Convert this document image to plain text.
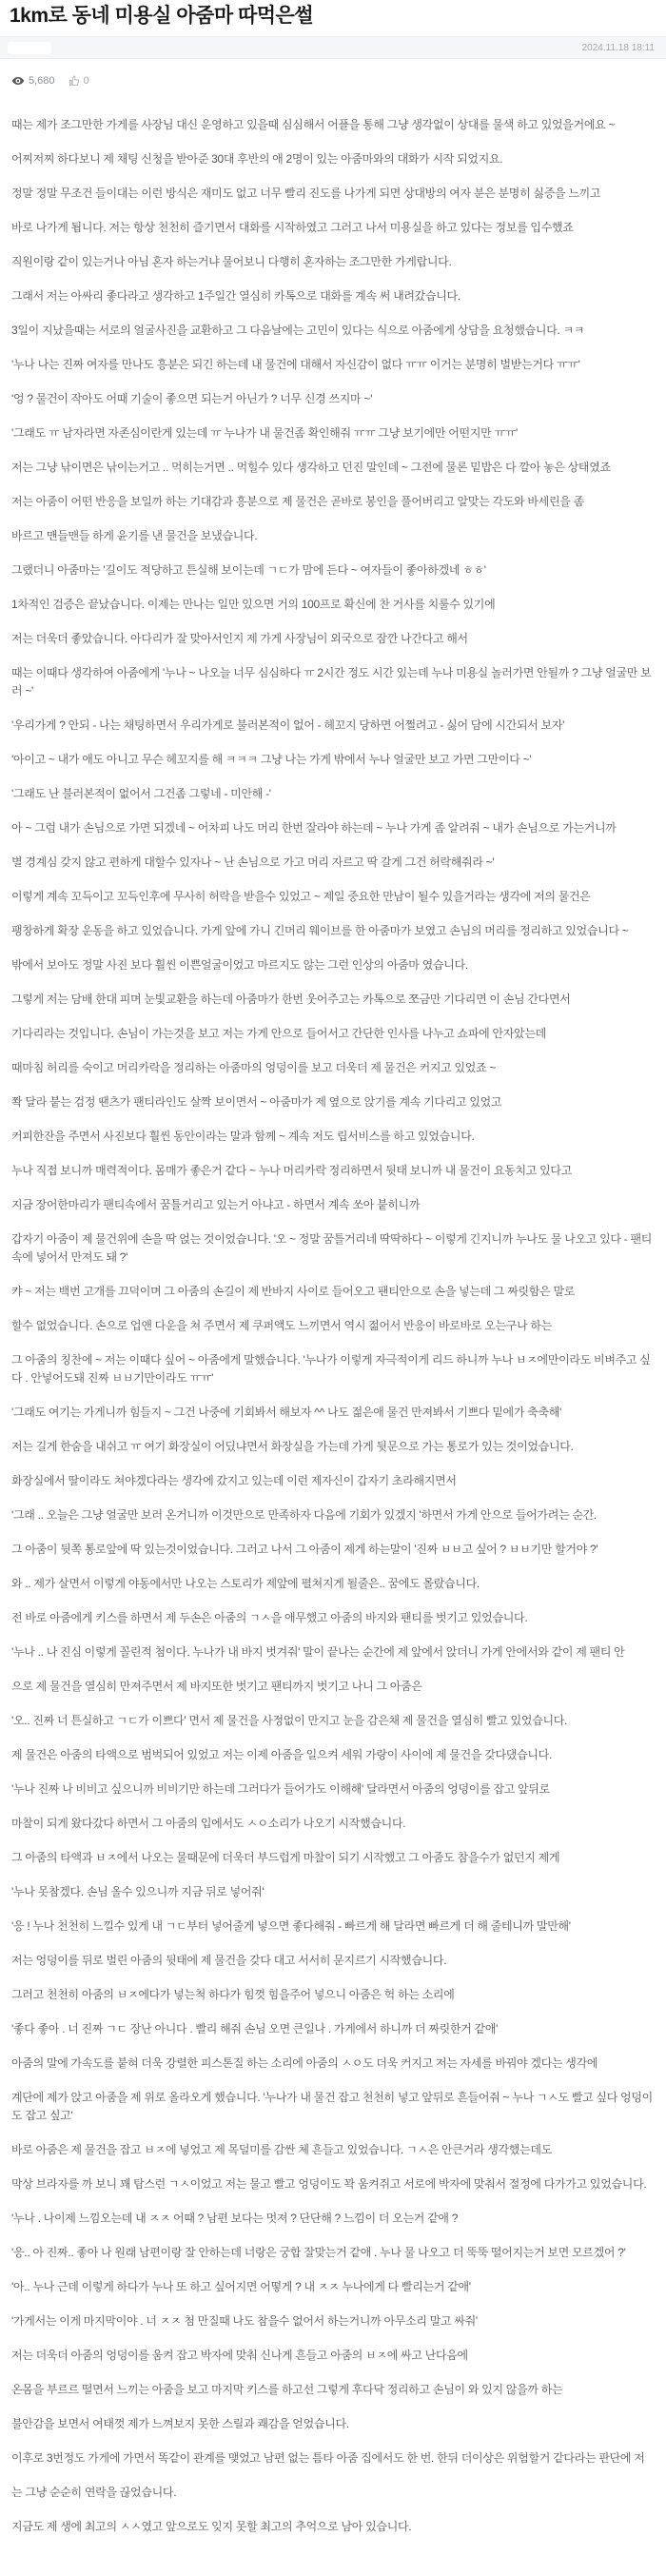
1km로 동네 미용실 아줌마 따먹은썰
2024.11.18 18:11
5,680	0

때는 제가 조그만한 가게를 사장님 대신 운영하고 있을때 심심해서 어플을 통해 그냥 생각없이 상대를 물색 하고 있었을거에요 ~

어찌저찌 하다보니 제 채팅 신청을 받아준 30대 후반의 애 2명이 있는 아줌마와의 대화가 시작 되었지요.

정말 정말 무조건 들이대는 이런 방식은 재미도 없고 너무 빨리 진도를 나가게 되면 상대방의 여자 분은 분명히 싫증을 느끼고

바로 나가게 됩니다. 저는 항상 천천히 즐기면서 대화를 시작하였고 그러고 나서 미용실을 하고 있다는 정보를 입수했죠

직원이랑 같이 있는거나 아님 혼자 하는거냐 물어보니 다행히 혼자하는 조그만한 가게랍니다.

그래서 저는 아싸리 좋다라고 생각하고 1주일간 열심히 카톡으로 대화를 계속 써 내려갔습니다.

3일이 지났을때는 서로의 얼굴사진을 교환하고 그 다음날에는 고민이 있다는 식으로 아줌에게 상담을 요청했습니다. ㅋㅋ

'누나 나는 진짜 여자를 만나도 흥분은 되긴 하는데 내 물건에 대해서 자신감이 없다 ㅠㅠ 이거는 분명히 벌받는거다 ㅠㅠ'

'엉 ? 물건이 작아도 어때 기술이 좋으면 되는거 아닌가 ? 너무 신경 쓰지마 ~'

'그래도 ㅠ 남자라면 자존심이란게 있는데 ㅠ 누나가 내 물건좀 확인해줘 ㅠㅠ 그냥 보기에만 어떤지만 ㅠㅠ'

저는 그냥 낚이면은 낚이는거고 .. 먹히는거면 .. 먹힐수 있다 생각하고 던진 말인데 ~ 그전에 물론 밑밥은 다 깔아 놓은 상태였죠

저는 아줌이 어떤 반응을 보일까 하는 기대감과 흥분으로 제 물건은 곧바로 봉인을 풀어버리고 알맞는 각도와 바세린을 좀

바르고 맨들맨들 하게 윤기를 낸 물건을 보냈습니다.

그랬더니 아줌마는 '길이도 적당하고 튼실해 보이는데 ㄱㄷ가 맘에 든다 ~ 여자들이 좋아하겠네 ㅎㅎ'

1차적인 검증은 끝났습니다. 이제는 만나는 일만 있으면 거의 100프로 확신에 찬 거사를 치룰수 있기에

저는 더욱더 좋았습니다. 아다리가 잘 맞아서인지 제 가게 사장님이 외국으로 잠깐 나간다고 해서

때는 이때다 생각하여 아줌에게 '누나 ~ 나오늘 너무 심심하다 ㅠ 2시간 정도 시간 있는데 누나 미용실 놀러가면 안될까 ? 그냥 얼굴만 보러 ~'

'우리가게 ? 안되 - 나는 채팅하면서 우리가게로 불러본적이 없어 - 헤꼬지 당하면 어쩔려고 - 싫어 담에 시간되서 보자'

'아이고 ~ 내가 애도 아니고 무슨 헤꼬지를 해 ㅋㅋㅋ 그냥 나는 가게 밖에서 누나 얼굴만 보고 가면 그만이다 ~'

'그래도 난 불러본적이 없어서 그건좀 그렇네 - 미안해 -'

아 ~ 그럼 내가 손님으로 가면 되겠네 ~ 어차피 나도 머리 한번 잘라야 하는데 ~ 누나 가게 좀 알려줘 ~ 내가 손님으로 가는거니까

별 경계심 갖지 않고 편하게 대할수 있자나 ~ 난 손님으로 가고 머리 자르고 딱 갈게 그건 허락해줘라 ~'

이렇게 계속 꼬득이고 꼬득인후에 무사히 허락을 받을수 있었고 ~ 제일 중요한 만남이 될수 있을거라는 생각에 저의 물건은

팽창하게 확장 운동을 하고 있었습니다. 가게 앞에 가니 긴머리 웨이브를 한 아줌마가 보였고 손님의 머리를 정리하고 있었습니다 ~

밖에서 보아도 정말 사진 보다 훨씬 이쁜얼굴이었고 마르지도 않는 그런 인상의 아줌마 였습니다.

그렇게 저는 담배 한대 피며 눈빛교환을 하는데 아줌마가 한번 웃어주고는 카톡으로 쪼금만 기다리면 이 손님 간다면서

기다리라는 것입니다. 손님이 가는것을 보고 저는 가게 안으로 들어서고 간단한 인사를 나누고 쇼파에 안자았는데

때마침 허리를 숙이고 머리카락을 정리하는 아줌마의 엉덩이를 보고 더욱더 제 물건은 커지고 있었죠 ~

쫙 달라 붙는 검정 땐츠가 팬티라인도 살짝 보이면서 ~ 아줌마가 제 옆으로 앉기를 계속 기다리고 있었고

커피한잔을 주면서 사진보다 훨씬 동안이라는 말과 함께 ~ 계속 저도 립서비스를 하고 있었습니다.

누나 직접 보니까 매력적이다. 몸매가 좋은거 같다 ~ 누나 머리카락 정리하면서 뒷태 보니까 내 물건이 요동치고 있다고

지금 장어한마리가 팬티속에서 꿈틀거리고 있는거 아냐고 - 하면서 계속 쏘아 붙히니까

갑자기 아줌이 제 물건위에 손을 딱 얹는 것이었습니다. '오 ~ 정말 꿈틀거리네 딱딱하다 ~ 이렇게 긴지니까 누나도 물 나오고 있다 - 팬티속에 넣어서 만져도 돼 ?'

캬 ~ 저는 백번 고개를 끄덕이며 그 아줌의 손길이 제 반바지 사이로 들어오고 팬티안으로 손을 넣는데 그 짜릿함은 말로

할수 없었습니다. 손으로 업앤 다운을 쳐 주면서 제 쿠퍼액도 느끼면서 역시 젊어서 반응이 바로바로 오는구나 하는

그 아줌의 칭찬에 ~ 저는 이때다 싶어 ~ 아줌에게 말했습니다. '누나가 이렇게 자극적이게 리드 하니까 누나 ㅂㅈ에만이라도 비벼주고 싶다 . 안넣어도돼 진짜 ㅂㅂ기만이라도 ㅠㅠ'

'그래도 여기는 가게니까 힘들지 ~ 그건 나중에 기회봐서 해보자 ^^ 나도 젊은애 물건 만져봐서 기쁘다 밑에가 축축해'

저는 길게 한숨을 내쉬고 ㅠ 여기 화장실이 어딨냐면서 화장실을 가는데 가게 뒷문으로 가는 통로가 있는 것이었습니다.

화장실에서 딸이라도 쳐야겠다라는 생각에 갔지고 있는데 이런 제자신이 갑자기 초라해지면서

'그래 .. 오늘은 그냥 얼굴만 보러 온거니까 이것만으로 만족하자 다음에 기회가 있겠지 '하면서 가게 안으로 들어가려는 순간.

그 아줌이 뒷쪽 통로앞에 딱 있는것이었습니다. 그러고 나서 그 아줌이 제게 하는말이 '진짜 ㅂㅂ고 싶어 ? ㅂㅂ기만 할거야 ?'

와 .. 제가 살면서 이렇게 야동에서만 나오는 스토리가 제앞에 펼쳐지게 될줄은.. 꿈에도 몰랐습니다.

전 바로 아줌에게 키스를 하면서 제 두손은 아줌의 ㄱㅅ을 애무했고 아줌의 바지와 팬티를 벗기고 있었습니다.

'누나 .. 나 진심 이렇게 꼴린적 첨이다. 누나가 내 바지 벗겨줘' 말이 끝나는 순간에 제 앞에서 앉더니 가게 안에서와 같이 제 팬티 안

으로 제 물건을 열심히 만져주면서 제 바지또한 벗기고 팬티까지 벗기고 나니 그 아줌은

'오.. 진짜 너 튼실하고 ㄱㄷ가 이쁘다' 면서 제 물건을 사정없이 만지고 눈을 감은채 제 물건을 열심히 빨고 있었습니다.

제 물건은 아줌의 타액으로 범벅되어 있었고 저는 이제 아줌을 일으켜 세워 가랑이 사이에 제 물건을 갖다댔습니다.

'누나 진짜 나 비비고 싶으니까 비비기만 하는데 그러다가 들어가도 이해해' 달라면서 아줌의 엉덩이를 잡고 앞뒤로

마찰이 되게 왔다갔다 하면서 그 아줌의 입에서도 ㅅㅇ소리가 나오기 시작했습니다.

그 아줌의 타액과 ㅂㅈ에서 나오는 물때문에 더욱더 부드럽게 마찰이 되기 시작했고 그 아줌도 참을수가 없던지 제게

'누나 못참겠다. 손님 올수 있으니까 지금 뒤로 넣어줘'

'응 ! 누나 천천히 느낄수 있게 내 ㄱㄷ부터 넣어줄게 넣으면 좋다해줘 - 빠르게 해 달라면 빠르게 더 해 줄테니까 말만해'

저는 엉덩이를 뒤로 벌린 아줌의 뒷태에 제 물건을 갖다 대고 서서히 문지르기 시작했습니다.

그러고 천천히 아줌의 ㅂㅈ에다가 넣는척 하다가 힘껏 힘을주어 넣으니 아줌은 헉 하는 소리에

'좋다 좋아 . 너 진짜 ㄱㄷ 장난 아니다 . 빨리 해줘 손님 오면 큰일나 . 가게에서 하니까 더 짜릿한거 같애'

아줌의 말에 가속도를 붙혀 더욱 강렬한 피스톤질 하는 소리에 아줌의 ㅅㅇ도 더욱 커지고 저는 자세를 바꿔야 겠다는 생각에

계단에 제가 앉고 아줌을 제 위로 올라오게 했습니다. '누나가 내 물건 잡고 천천히 넣고 앞뒤로 흔들어줘 ~ 누나 ㄱㅅ도 빨고 싶다 엉덩이도 잡고 싶고'

바로 아줌은 제 물건을 잡고 ㅂㅈ에 넣었고 제 목덜미를 감싼 체 흔들고 있었습니다. ㄱㅅ은 안큰거라 생각했는데도

막상 브라자를 까 보니 꽤 탐스런 ㄱㅅ이었고 저는 물고 빨고 엉덩이도 꽉 움켜쥐고 서로에 박자에 맞춰서 절정에 다가가고 있었습니다.

'누나 . 나이제 느낌오는데 내 ㅈㅈ 어때 ? 남편 보다는 멋져 ? 단단해 ? 느낌이 더 오는거 같애 ?

'응.. 아 진짜.. 좋아 나 원래 남편이랑 잘 안하는데 너랑은 궁합 잘맞는거 같애 . 누나 물 나오고 더 뚝뚝 떨어지는거 보면 모르겠어 ?'

'아.. 누나 근데 이렇게 하다가 누나 또 하고 싶어지면 어떻게 ? 내 ㅈㅈ 누나에게 다 빨리는거 같애'

'가게서는 이게 마지막이야 . 너 ㅈㅈ 첨 만질때 나도 참을수 없어서 하는거니까 아무소리 말고 싸줘'

저는 더욱더 아줌의 엉덩이를 움켜 잡고 박자에 맞춰 신나게 흔들고 아줌의 ㅂㅈ에 싸고 난다음에

온몸을 부르르 떨면서 느끼는 아줌을 보고 마지막 키스를 하고선 그렇게 후다닥 정리하고 손님이 와 있지 않을까 하는

불안감을 보면서 여태껏 제가 느껴보지 못한 스릴과 쾌감을 얻었습니다.

이후로 3번정도 가게에 가면서 똑같이 관계를 맺었고 남편 없는 틈타 아줌 집에서도 한 번. 한뒤 더이상은 위험할거 같다라는 판단에 저

는 그냥 순순히 연락을 끊었습니다.

지금도 제 생에 최고의 ㅅㅅ였고 앞으로도 잊지 못할 최고의 추억으로 남아 있습니다.
